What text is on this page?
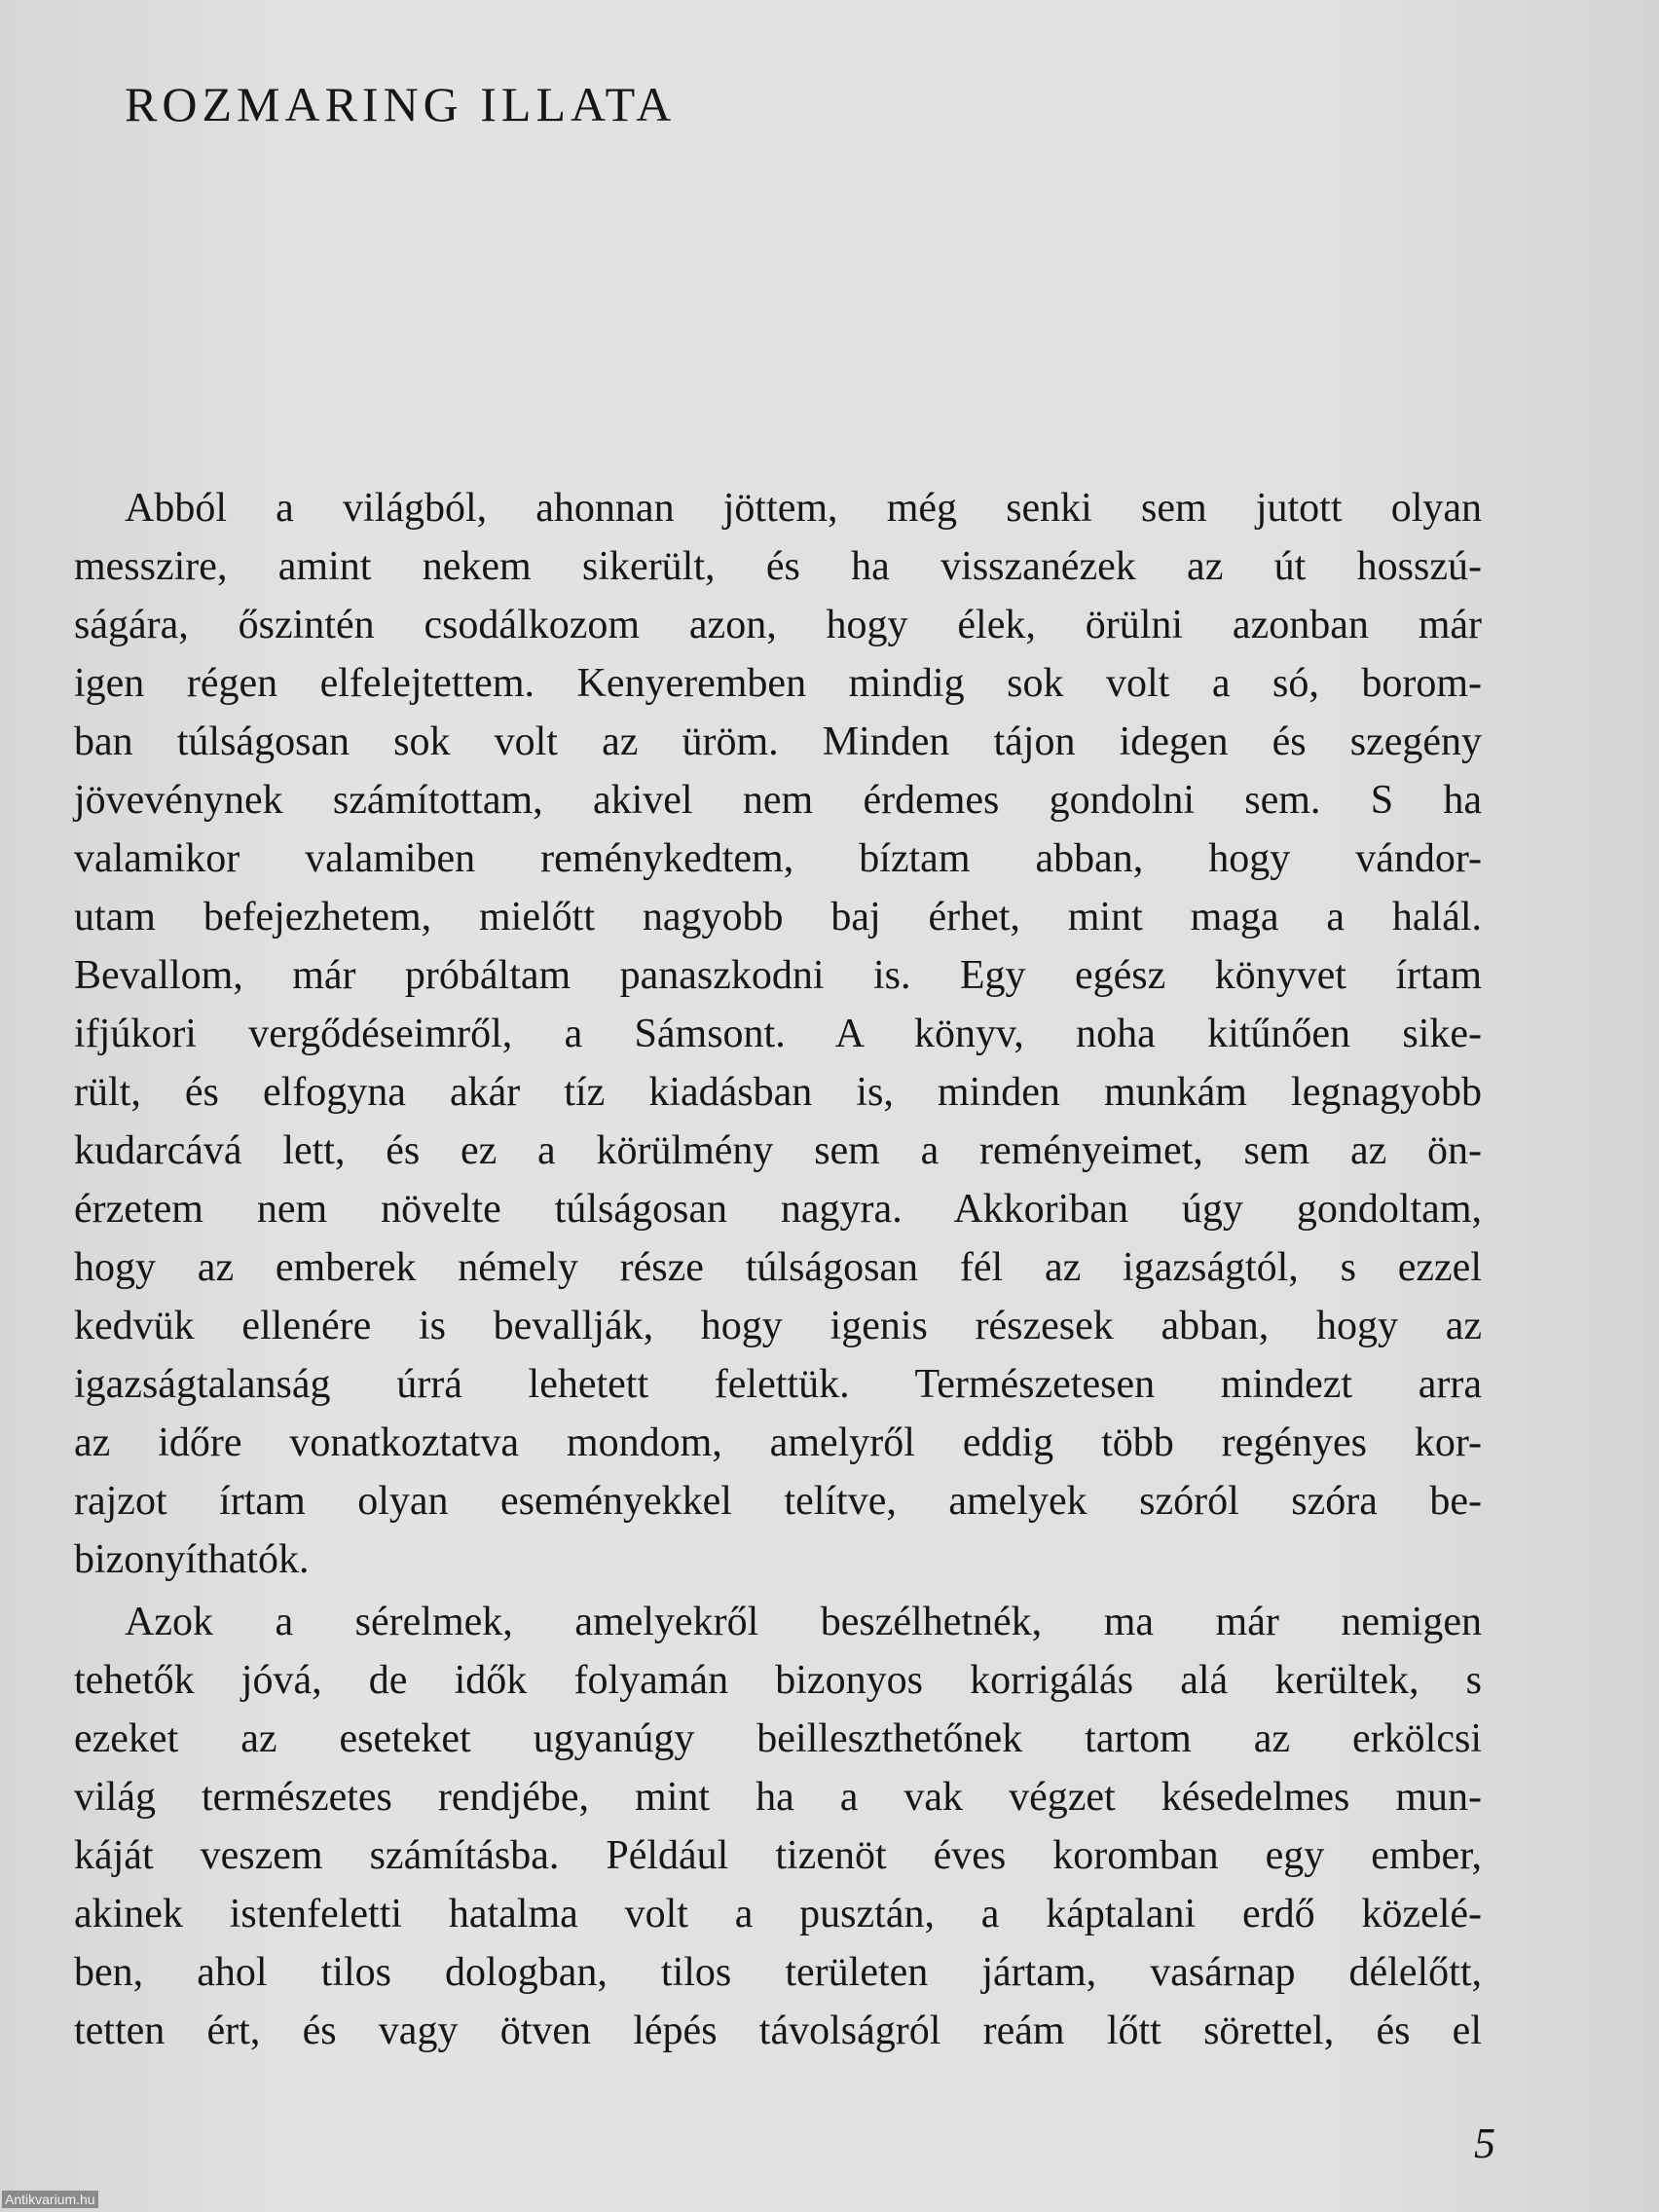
ROZMARING ILLATA
Abból a világból, ahonnan jöttem, még senki sem jutott olyan
messzire, amint nekem sikerült, és ha visszanézek az út hosszú-
ságára, őszintén csodálkozom azon, hogy élek, örülni azonban már
igen régen elfelejtettem. Kenyeremben mindig sok volt a só, borom-
ban túlságosan sok volt az üröm. Minden tájon idegen és szegény
jövevénynek számítottam, akivel nem érdemes gondolni sem. S ha
valamikor valamiben reménykedtem, bíztam abban, hogy vándor-
utam befejezhetem, mielőtt nagyobb baj érhet, mint maga a halál.
Bevallom, már próbáltam panaszkodni is. Egy egész könyvet írtam
ifjúkori vergődéseimről, a Sámsont. A könyv, noha kitűnően sike-
rült, és elfogyna akár tíz kiadásban is, minden munkám legnagyobb
kudarcává lett, és ez a körülmény sem a reményeimet, sem az ön-
érzetem nem növelte túlságosan nagyra. Akkoriban úgy gondoltam,
hogy az emberek némely része túlságosan fél az igazságtól, s ezzel
kedvük ellenére is bevallják, hogy igenis részesek abban, hogy az
igazságtalanság úrrá lehetett felettük. Természetesen mindezt arra
az időre vonatkoztatva mondom, amelyről eddig több regényes kor-
rajzot írtam olyan eseményekkel telítve, amelyek szóról szóra be-
bizonyíthatók.
Azok a sérelmek, amelyekről beszélhetnék, ma már nemigen
tehetők jóvá, de idők folyamán bizonyos korrigálás alá kerültek, s
ezeket az eseteket ugyanúgy beilleszthetőnek tartom az erkölcsi
világ természetes rendjébe, mint ha a vak végzet késedelmes mun-
káját veszem számításba. Például tizenöt éves koromban egy ember,
akinek istenfeletti hatalma volt a pusztán, a káptalani erdő közelé-
ben, ahol tilos dologban, tilos területen jártam, vasárnap délelőtt,
tetten ért, és vagy ötven lépés távolságról reám lőtt sörettel, és el
5
Antikvarium.hu
